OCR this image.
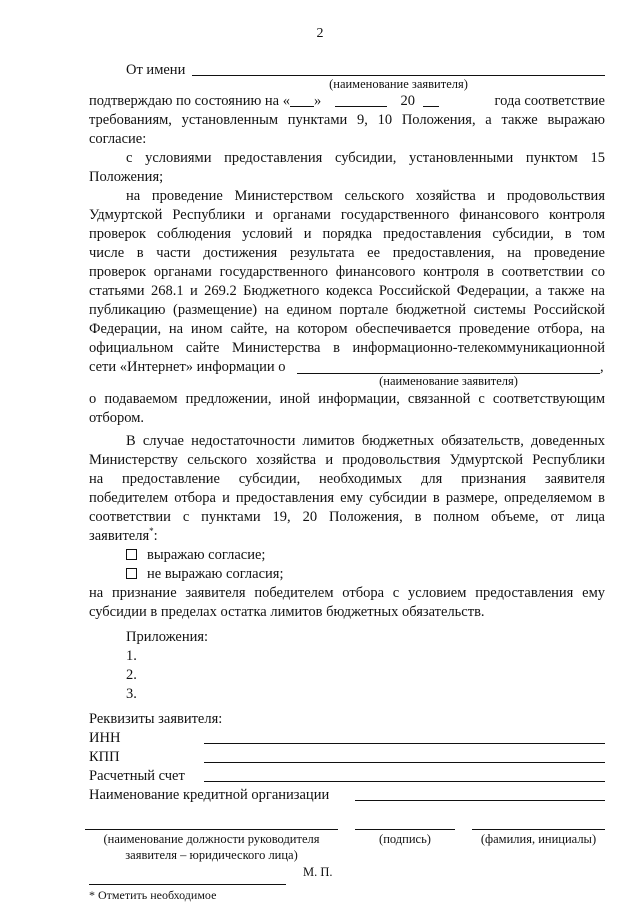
2
От имени
(наименование заявителя)
подтверждаю по состоянию на « »	20	года соответствие
требованиям, установленным пунктами 9, 10 Положения, а также выражаю
согласие:
с условиями предоставления субсидии, установленными пунктом 15
Положения;
на проведение Министерством сельского хозяйства и продовольствия
Удмуртской Республики и органами государственного финансового контроля
проверок соблюдения условий и порядка предоставления субсидии, в том
числе в части достижения результата ее предоставления, на проведение
проверок органами государственного финансового контроля в соответствии со
статьями 268.1 и 269.2 Бюджетного кодекса Российской Федерации, а также на
публикацию (размещение) на едином портале бюджетной системы Российской
Федерации, на ином сайте, на котором обеспечивается проведение отбора, на
официальном сайте Министерства в информационно-телекоммуникационной
сети «Интернет» информации о	,
(наименование заявителя)
о подаваемом предложении, иной информации, связанной с соответствующим
отбором.
В случае недостаточности лимитов бюджетных обязательств, доведенных
Министерству сельского хозяйства и продовольствия Удмуртской Республики
на предоставление субсидии, необходимых для признания заявителя
победителем отбора и предоставления ему субсидии в размере, определяемом в
соответствии с пунктами 19, 20 Положения, в полном объеме, от лица
заявителя*:
выражаю согласие;
не выражаю согласия;
на признание заявителя победителем отбора с условием предоставления ему
субсидии в пределах остатка лимитов бюджетных обязательств.
Приложения:
1.
2.
3.
Реквизиты заявителя:
ИНН
КПП
Расчетный счет
Наименование кредитной организации
(наименование должности руководителя
заявителя – юридического лица)
(подпись)	(фамилия, инициалы)
М. П.
* Отметить необходимое
